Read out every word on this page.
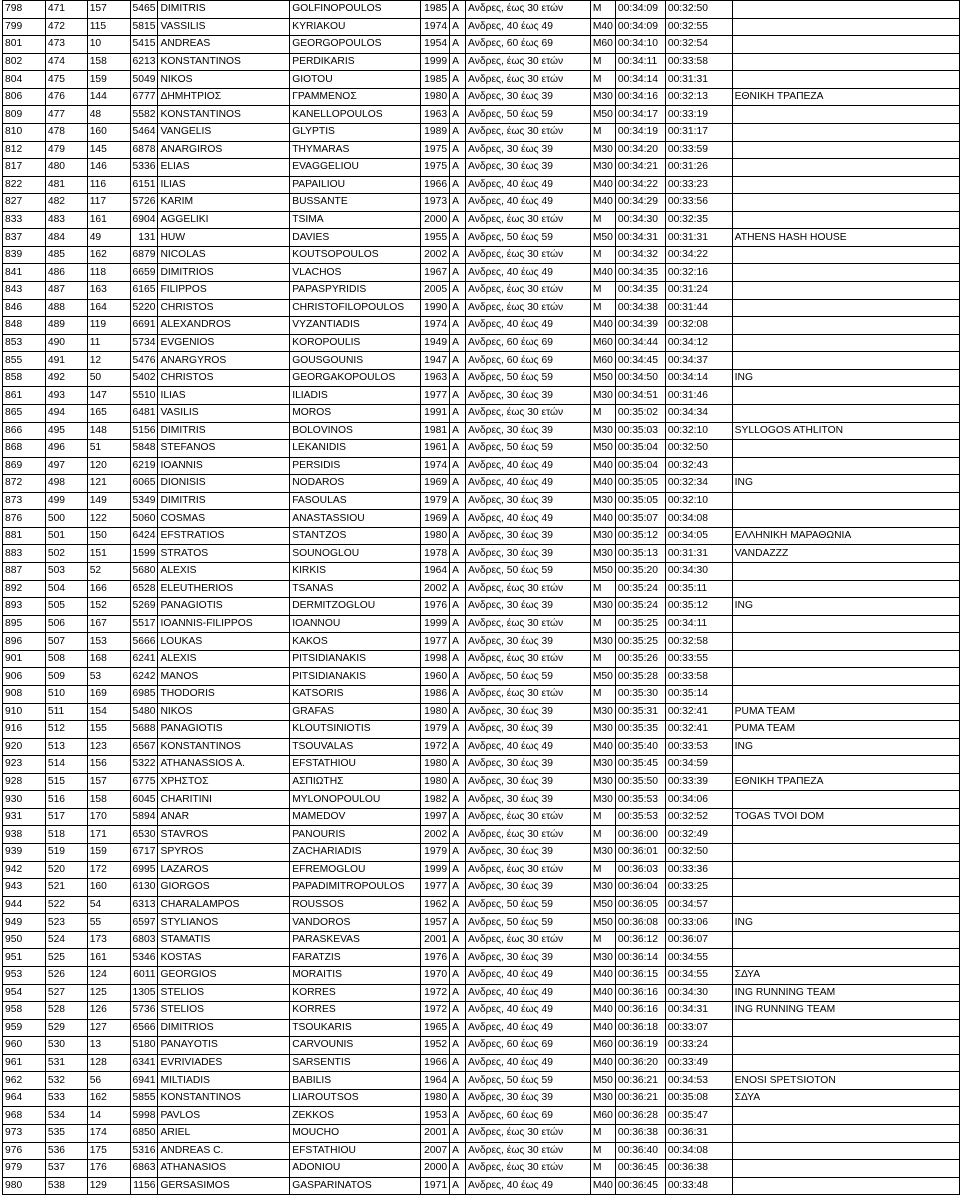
798	471	157	5465	DIMITRIS	GOLFINOPOULOS	1985	A	Ανδρες, έως 30 ετών	M	00:34:09	00:32:50	
799	472	115	5815	VASSILIS	KYRIAKOU	1974	A	Ανδρες, 40 έως 49	M40	00:34:09	00:32:55	
801	473	10	5415	ANDREAS	GEORGOPOULOS	1954	A	Ανδρες, 60 έως 69	M60	00:34:10	00:32:54	
802	474	158	6213	KONSTANTINOS	PERDIKARIS	1999	A	Ανδρες, έως 30 ετών	M	00:34:11	00:33:58	
804	475	159	5049	NIKOS	GIOTOU	1985	A	Ανδρες, έως 30 ετών	M	00:34:14	00:31:31	
806	476	144	6777	ΔΗΜΗΤΡΙΟΣ	ΓΡΑΜΜΕΝΟΣ	1980	A	Ανδρες, 30 έως 39	M30	00:34:16	00:32:13	ΕΘΝΙΚΗ ΤΡΑΠΕΖΑ
809	477	48	5582	KONSTANTINOS	KANELLOPOULOS	1963	A	Ανδρες, 50 έως 59	M50	00:34:17	00:33:19	
810	478	160	5464	VANGELIS	GLYPTIS	1989	A	Ανδρες, έως 30 ετών	M	00:34:19	00:31:17	
812	479	145	6878	ANARGIROS	THYMARAS	1975	A	Ανδρες, 30 έως 39	M30	00:34:20	00:33:59	
817	480	146	5336	ELIAS	EVAGGELIOU	1975	A	Ανδρες, 30 έως 39	M30	00:34:21	00:31:26	
822	481	116	6151	ILIAS	PAPAILIOU	1966	A	Ανδρες, 40 έως 49	M40	00:34:22	00:33:23	
827	482	117	5726	KARIM	BUSSANTE	1973	A	Ανδρες, 40 έως 49	M40	00:34:29	00:33:56	
833	483	161	6904	AGGELIKI	TSIMA	2000	A	Ανδρες, έως 30 ετών	M	00:34:30	00:32:35	
837	484	49	131	HUW	DAVIES	1955	A	Ανδρες, 50 έως 59	M50	00:34:31	00:31:31	ATHENS HASH HOUSE
839	485	162	6879	NICOLAS	KOUTSOPOULOS	2002	A	Ανδρες, έως 30 ετών	M	00:34:32	00:34:22	
841	486	118	6659	DIMITRIOS	VLACHOS	1967	A	Ανδρες, 40 έως 49	M40	00:34:35	00:32:16	
843	487	163	6165	FILIPPOS	PAPASPYRIDIS	2005	A	Ανδρες, έως 30 ετών	M	00:34:35	00:31:24	
846	488	164	5220	CHRISTOS	CHRISTOFILOPOULOS	1990	A	Ανδρες, έως 30 ετών	M	00:34:38	00:31:44	
848	489	119	6691	ALEXANDROS	VYZANTIADIS	1974	A	Ανδρες, 40 έως 49	M40	00:34:39	00:32:08	
853	490	11	5734	EVGENIOS	KOROPOULIS	1949	A	Ανδρες, 60 έως 69	M60	00:34:44	00:34:12	
855	491	12	5476	ANARGYROS	GOUSGOUNIS	1947	A	Ανδρες, 60 έως 69	M60	00:34:45	00:34:37	
858	492	50	5402	CHRISTOS	GEORGAKOPOULOS	1963	A	Ανδρες, 50 έως 59	M50	00:34:50	00:34:14	ING
861	493	147	5510	ILIAS	ILIADIS	1977	A	Ανδρες, 30 έως 39	M30	00:34:51	00:31:46	
865	494	165	6481	VASILIS	MOROS	1991	A	Ανδρες, έως 30 ετών	M	00:35:02	00:34:34	
866	495	148	5156	DIMITRIS	BOLOVINOS	1981	A	Ανδρες, 30 έως 39	M30	00:35:03	00:32:10	SYLLOGOS ATHLITON
868	496	51	5848	STEFANOS	LEKANIDIS	1961	A	Ανδρες, 50 έως 59	M50	00:35:04	00:32:50	
869	497	120	6219	IOANNIS	PERSIDIS	1974	A	Ανδρες, 40 έως 49	M40	00:35:04	00:32:43	
872	498	121	6065	DIONISIS	NODAROS	1969	A	Ανδρες, 40 έως 49	M40	00:35:05	00:32:34	ING
873	499	149	5349	DIMITRIS	FASOULAS	1979	A	Ανδρες, 30 έως 39	M30	00:35:05	00:32:10	
876	500	122	5060	COSMAS	ANASTASSIOU	1969	A	Ανδρες, 40 έως 49	M40	00:35:07	00:34:08	
881	501	150	6424	EFSTRATIOS	STANTZOS	1980	A	Ανδρες, 30 έως 39	M30	00:35:12	00:34:05	ΕΛΛΗΝΙΚΗ ΜΑΡΑΘΩΝΙΑ
883	502	151	1599	STRATOS	SOUNOGLOU	1978	A	Ανδρες, 30 έως 39	M30	00:35:13	00:31:31	VANDAZZZ
887	503	52	5680	ALEXIS	KIRKIS	1964	A	Ανδρες, 50 έως 59	M50	00:35:20	00:34:30	
892	504	166	6528	ELEUTHERIOS	TSANAS	2002	A	Ανδρες, έως 30 ετών	M	00:35:24	00:35:11	
893	505	152	5269	PANAGIOTIS	DERMITZOGLOU	1976	A	Ανδρες, 30 έως 39	M30	00:35:24	00:35:12	ING
895	506	167	5517	IOANNIS-FILIPPOS	IOANNOU	1999	A	Ανδρες, έως 30 ετών	M	00:35:25	00:34:11	
896	507	153	5666	LOUKAS	KAKOS	1977	A	Ανδρες, 30 έως 39	M30	00:35:25	00:32:58	
901	508	168	6241	ALEXIS	PITSIDIANAKIS	1998	A	Ανδρες, έως 30 ετών	M	00:35:26	00:33:55	
906	509	53	6242	MANOS	PITSIDIANAKIS	1960	A	Ανδρες, 50 έως 59	M50	00:35:28	00:33:58	
908	510	169	6985	THODORIS	KATSORIS	1986	A	Ανδρες, έως 30 ετών	M	00:35:30	00:35:14	
910	511	154	5480	NIKOS	GRAFAS	1980	A	Ανδρες, 30 έως 39	M30	00:35:31	00:32:41	PUMA TEAM
916	512	155	5688	PANAGIOTIS	KLOUTSINIOTIS	1979	A	Ανδρες, 30 έως 39	M30	00:35:35	00:32:41	PUMA TEAM
920	513	123	6567	KONSTANTINOS	TSOUVALAS	1972	A	Ανδρες, 40 έως 49	M40	00:35:40	00:33:53	ING
923	514	156	5322	ATHANASSIOS A.	EFSTATHIOU	1980	A	Ανδρες, 30 έως 39	M30	00:35:45	00:34:59	
928	515	157	6775	ΧΡΗΣΤΟΣ	ΑΣΠΙΩΤΗΣ	1980	A	Ανδρες, 30 έως 39	M30	00:35:50	00:33:39	ΕΘΝΙΚΗ ΤΡΑΠΕΖΑ
930	516	158	6045	CHARITINI	MYLONOPOULOU	1982	A	Ανδρες, 30 έως 39	M30	00:35:53	00:34:06	
931	517	170	5894	ANAR	MAMEDOV	1997	A	Ανδρες, έως 30 ετών	M	00:35:53	00:32:52	TOGAS TVOI DOM
938	518	171	6530	STAVROS	PANOURIS	2002	A	Ανδρες, έως 30 ετών	M	00:36:00	00:32:49	
939	519	159	6717	SPYROS	ZACHARIADIS	1979	A	Ανδρες, 30 έως 39	M30	00:36:01	00:32:50	
942	520	172	6995	LAZAROS	EFREMOGLOU	1999	A	Ανδρες, έως 30 ετών	M	00:36:03	00:33:36	
943	521	160	6130	GIORGOS	PAPADIMITROPOULOS	1977	A	Ανδρες, 30 έως 39	M30	00:36:04	00:33:25	
944	522	54	6313	CHARALAMPOS	ROUSSOS	1962	A	Ανδρες, 50 έως 59	M50	00:36:05	00:34:57	
949	523	55	6597	STYLIANOS	VANDOROS	1957	A	Ανδρες, 50 έως 59	M50	00:36:08	00:33:06	ING
950	524	173	6803	STAMATIS	PARASKEVAS	2001	A	Ανδρες, έως 30 ετών	M	00:36:12	00:36:07	
951	525	161	5346	KOSTAS	FARATZIS	1976	A	Ανδρες, 30 έως 39	M30	00:36:14	00:34:55	
953	526	124	6011	GEORGIOS	MORAITIS	1970	A	Ανδρες, 40 έως 49	M40	00:36:15	00:34:55	ΣΔΥΑ
954	527	125	1305	STELIOS	KORRES	1972	A	Ανδρες, 40 έως 49	M40	00:36:16	00:34:30	ING RUNNING TEAM
958	528	126	5736	STELIOS	KORRES	1972	A	Ανδρες, 40 έως 49	M40	00:36:16	00:34:31	ING RUNNING TEAM
959	529	127	6566	DIMITRIOS	TSOUKARIS	1965	A	Ανδρες, 40 έως 49	M40	00:36:18	00:33:07	
960	530	13	5180	PANAYOTIS	CARVOUNIS	1952	A	Ανδρες, 60 έως 69	M60	00:36:19	00:33:24	
961	531	128	6341	EVRIVIADES	SARSENTIS	1966	A	Ανδρες, 40 έως 49	M40	00:36:20	00:33:49	
962	532	56	6941	MILTIADIS	BABILIS	1964	A	Ανδρες, 50 έως 59	M50	00:36:21	00:34:53	ENOSI SPETSIOTON
964	533	162	5855	KONSTANTINOS	LIAROUTSOS	1980	A	Ανδρες, 30 έως 39	M30	00:36:21	00:35:08	ΣΔΥΑ
968	534	14	5998	PAVLOS	ZEKKOS	1953	A	Ανδρες, 60 έως 69	M60	00:36:28	00:35:47	
973	535	174	6850	ARIEL	MOUCHO	2001	A	Ανδρες, έως 30 ετών	M	00:36:38	00:36:31	
976	536	175	5316	ANDREAS C.	EFSTATHIOU	2007	A	Ανδρες, έως 30 ετών	M	00:36:40	00:34:08	
979	537	176	6863	ATHANASIOS	ADONIOU	2000	A	Ανδρες, έως 30 ετών	M	00:36:45	00:36:38	
980	538	129	1156	GERSASIMOS	GASPARINATOS	1971	A	Ανδρες, 40 έως 49	M40	00:36:45	00:33:48	
